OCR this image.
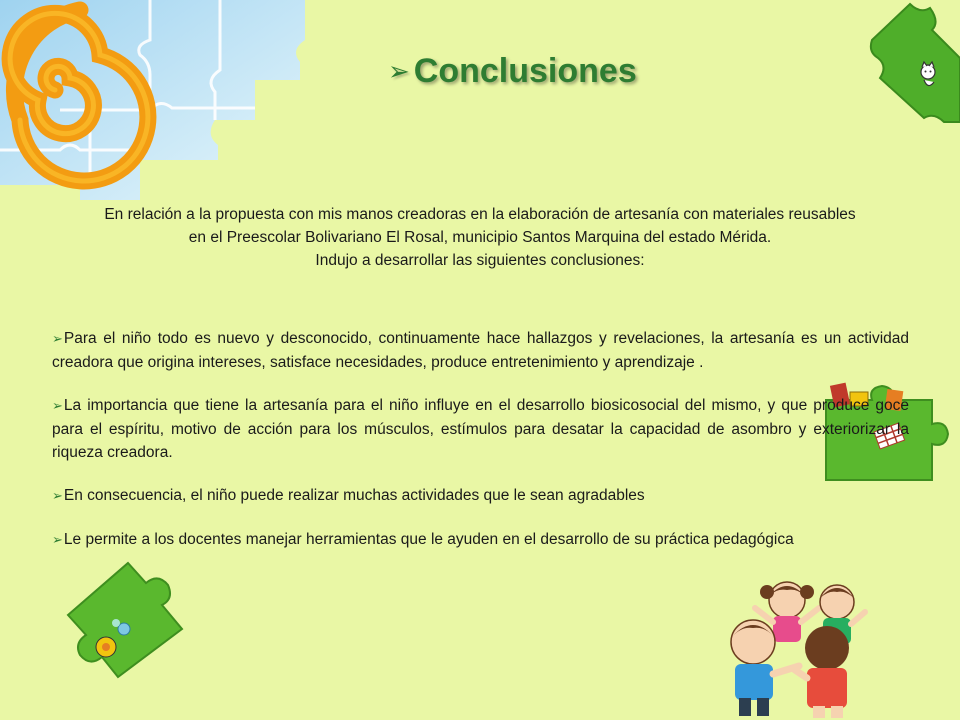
➢ Conclusiones
En relación a la propuesta con mis manos creadoras en la elaboración de artesanía con materiales reusables
en el Preescolar Bolivariano El Rosal, municipio Santos Marquina del estado Mérida.
Indujo a desarrollar las siguientes conclusiones:
➢Para el niño todo es nuevo y desconocido, continuamente hace hallazgos y revelaciones, la artesanía es un actividad creadora que origina intereses, satisface necesidades, produce entretenimiento y aprendizaje .
➢La importancia que tiene la artesanía para el niño influye en el desarrollo biosicosocial del mismo, y que produce goce para el espíritu, motivo de acción para los músculos, estímulos para desatar la capacidad de asombro y exteriorizar la riqueza creadora.
➢En consecuencia, el niño puede realizar muchas actividades que le sean agradables
➢Le permite a los docentes manejar herramientas que le ayuden en el desarrollo de su práctica pedagógica
